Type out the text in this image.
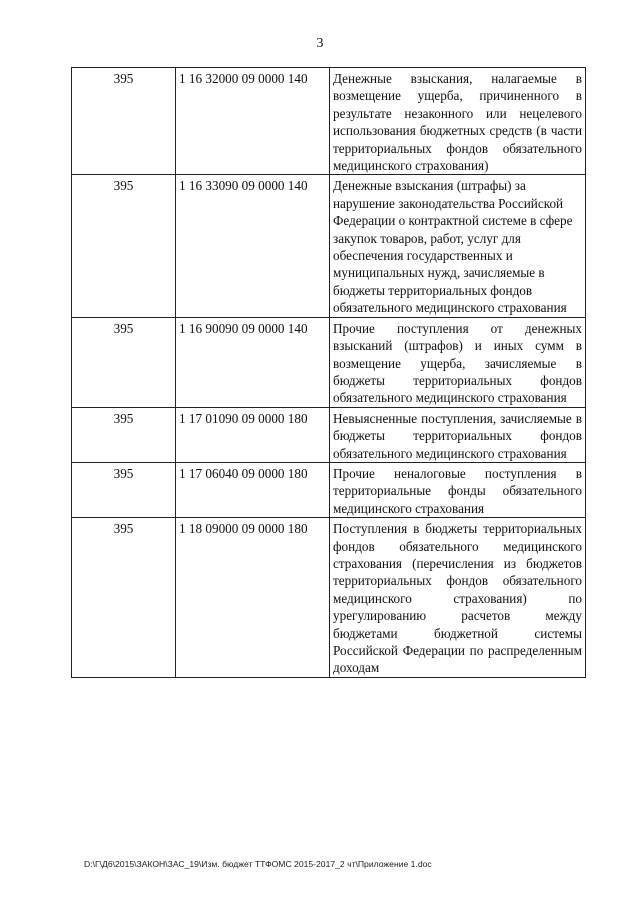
3
395	1 16 32000 09 0000 140	Денежные взыскания, налагаемые в возмещение ущерба, причиненного в результате незаконного или нецелевого использования бюджетных средств (в части территориальных фондов обязательного медицинского страхования)
395	1 16 33090 09 0000 140	Денежные взыскания (штрафы) за нарушение законодательства Российской Федерации о контрактной системе в сфере закупок товаров, работ, услуг для обеспечения государственных и муниципальных нужд, зачисляемые в бюджеты территориальных фондов обязательного медицинского страхования
395	1 16 90090 09 0000 140	Прочие поступления от денежных взысканий (штрафов) и иных сумм в возмещение ущерба, зачисляемые в бюджеты территориальных фондов обязательного медицинского страхования
395	1 17 01090 09 0000 180	Невыясненные поступления, зачисляемые в бюджеты территориальных фондов обязательного медицинского страхования
395	1 17 06040 09 0000 180	Прочие неналоговые поступления в территориальные фонды обязательного медицинского страхования
395	1 18 09000 09 0000 180	Поступления в бюджеты территориальных фондов обязательного медицинского страхования (перечисления из бюджетов территориальных фондов обязательного медицинского страхования) по урегулированию расчетов между бюджетами бюджетной системы Российской Федерации по распределенным доходам
D:\Г\Д6\2015\ЗАКОН\ЗАС_19\Изм. бюджет ТТФОМС 2015-2017_2 чт\Приложение 1.doc
